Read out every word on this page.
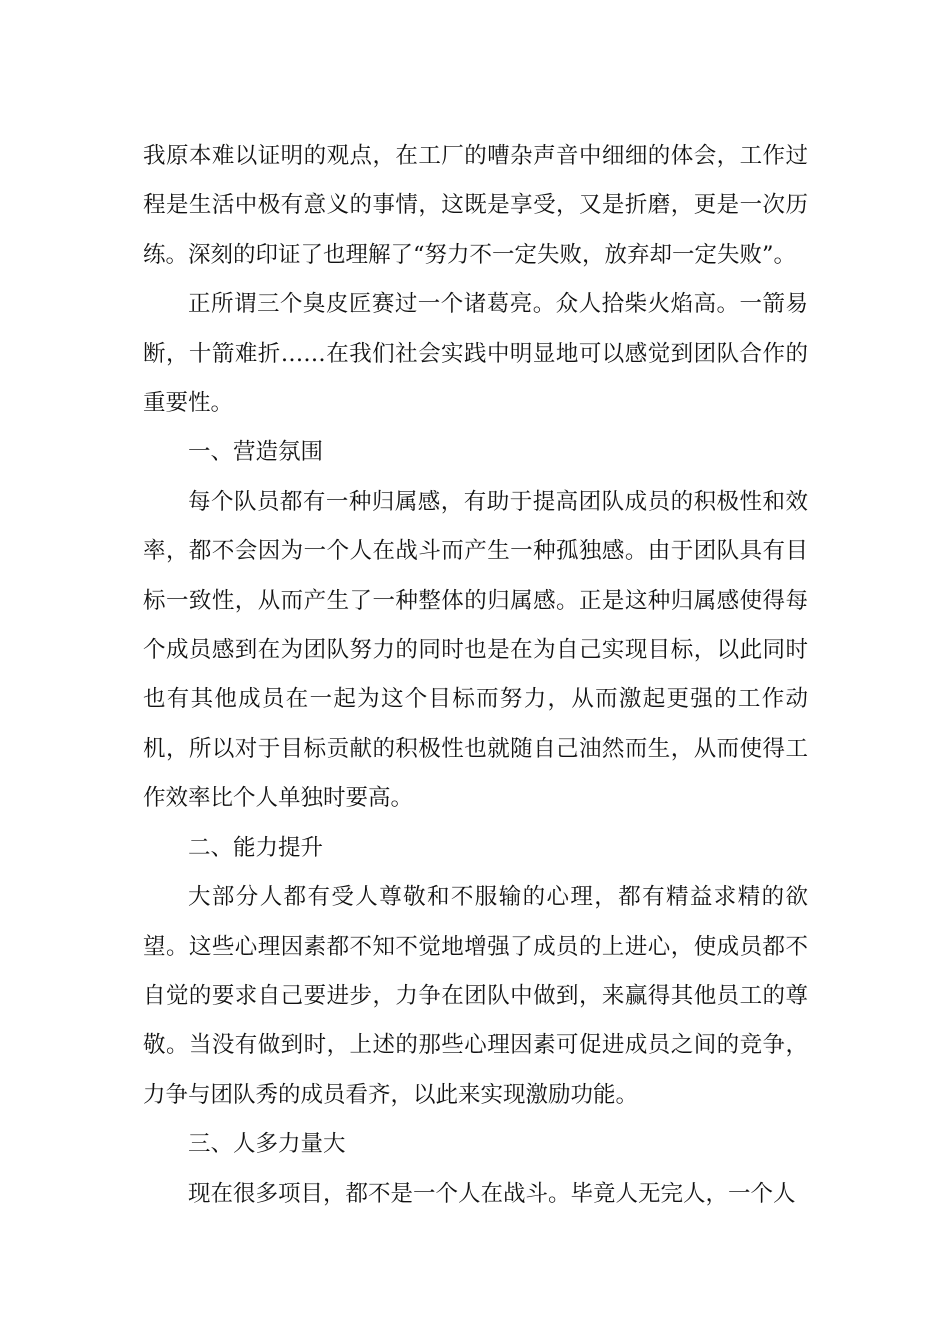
我原本难以证明的观点，在工厂的嘈杂声音中细细的体会，工作过程是生活中极有意义的事情，这既是享受，又是折磨，更是一次历练。深刻的印证了也理解了“努力不一定失败，放弃却一定失败”。

正所谓三个臭皮匠赛过一个诸葛亮。众人拾柴火焰高。一箭易断，十箭难折……在我们社会实践中明显地可以感觉到团队合作的重要性。

一、营造氛围

每个队员都有一种归属感，有助于提高团队成员的积极性和效率，都不会因为一个人在战斗而产生一种孤独感。由于团队具有目标一致性，从而产生了一种整体的归属感。正是这种归属感使得每个成员感到在为团队努力的同时也是在为自己实现目标，以此同时也有其他成员在一起为这个目标而努力，从而激起更强的工作动机，所以对于目标贡献的积极性也就随自己油然而生，从而使得工作效率比个人单独时要高。

二、能力提升

大部分人都有受人尊敬和不服输的心理，都有精益求精的欲望。这些心理因素都不知不觉地增强了成员的上进心，使成员都不自觉的要求自己要进步，力争在团队中做到，来赢得其他员工的尊敬。当没有做到时，上述的那些心理因素可促进成员之间的竞争，力争与团队秀的成员看齐，以此来实现激励功能。

三、人多力量大

现在很多项目，都不是一个人在战斗。毕竟人无完人，一个人
